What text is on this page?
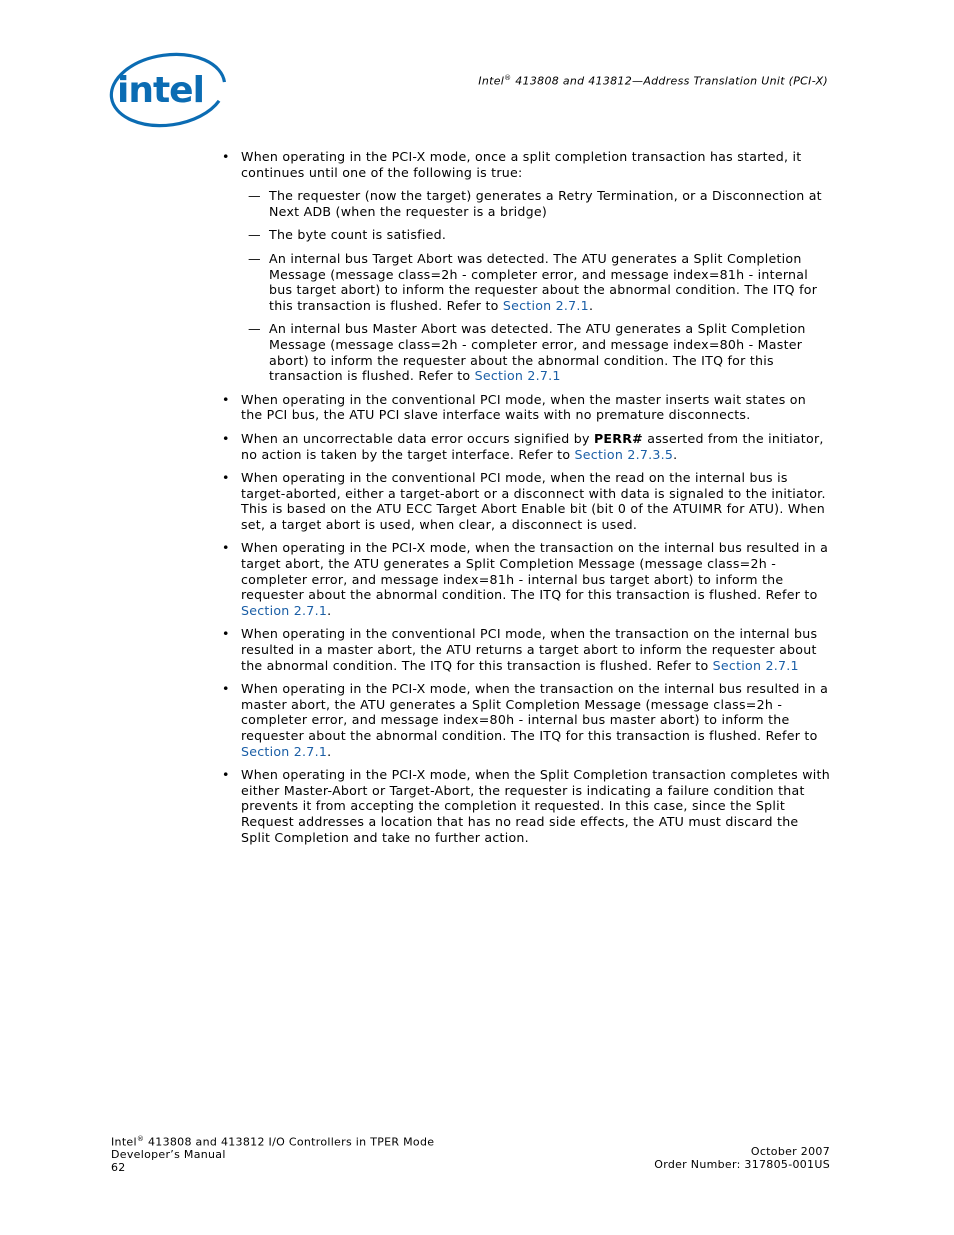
intel	Intel® 413808 and 413812—Address Translation Unit (PCI-X)
• When operating in the PCI-X mode, once a split completion transaction has started, it continues until one of the following is true:
— The requester (now the target) generates a Retry Termination, or a Disconnection at Next ADB (when the requester is a bridge)
— The byte count is satisfied.
— An internal bus Target Abort was detected. The ATU generates a Split Completion Message (message class=2h - completer error, and message index=81h - internal bus target abort) to inform the requester about the abnormal condition. The ITQ for this transaction is flushed. Refer to Section 2.7.1.
— An internal bus Master Abort was detected. The ATU generates a Split Completion Message (message class=2h - completer error, and message index=80h - Master abort) to inform the requester about the abnormal condition. The ITQ for this transaction is flushed. Refer to Section 2.7.1
• When operating in the conventional PCI mode, when the master inserts wait states on the PCI bus, the ATU PCI slave interface waits with no premature disconnects.
• When an uncorrectable data error occurs signified by PERR# asserted from the initiator, no action is taken by the target interface. Refer to Section 2.7.3.5.
• When operating in the conventional PCI mode, when the read on the internal bus is target-aborted, either a target-abort or a disconnect with data is signaled to the initiator. This is based on the ATU ECC Target Abort Enable bit (bit 0 of the ATUIMR for ATU). When set, a target abort is used, when clear, a disconnect is used.
• When operating in the PCI-X mode, when the transaction on the internal bus resulted in a target abort, the ATU generates a Split Completion Message (message class=2h - completer error, and message index=81h - internal bus target abort) to inform the requester about the abnormal condition. The ITQ for this transaction is flushed. Refer to Section 2.7.1.
• When operating in the conventional PCI mode, when the transaction on the internal bus resulted in a master abort, the ATU returns a target abort to inform the requester about the abnormal condition. The ITQ for this transaction is flushed. Refer to Section 2.7.1
• When operating in the PCI-X mode, when the transaction on the internal bus resulted in a master abort, the ATU generates a Split Completion Message (message class=2h - completer error, and message index=80h - internal bus master abort) to inform the requester about the abnormal condition. The ITQ for this transaction is flushed. Refer to Section 2.7.1.
• When operating in the PCI-X mode, when the Split Completion transaction completes with either Master-Abort or Target-Abort, the requester is indicating a failure condition that prevents it from accepting the completion it requested. In this case, since the Split Request addresses a location that has no read side effects, the ATU must discard the Split Completion and take no further action.
Intel® 413808 and 413812 I/O Controllers in TPER Mode
Developer’s Manual
62
October 2007
Order Number: 317805-001US
